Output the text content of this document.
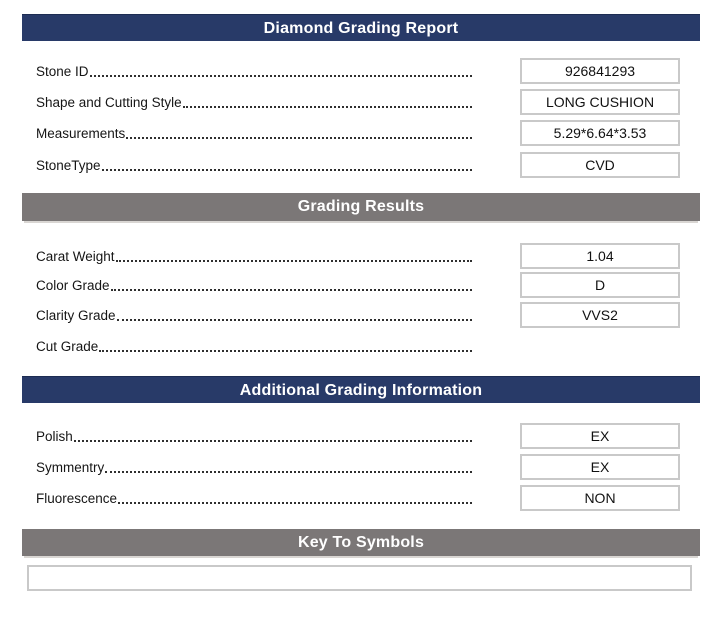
Diamond Grading Report
Stone ID	926841293
Shape and Cutting Style	LONG CUSHION
Measurements	5.29*6.64*3.53
StoneType	CVD
Grading Results
Carat Weight	1.04
Color Grade	D
Clarity Grade	VVS2
Cut Grade
Additional Grading Information
Polish	EX
Symmentry	EX
Fluorescence	NON
Key To Symbols
